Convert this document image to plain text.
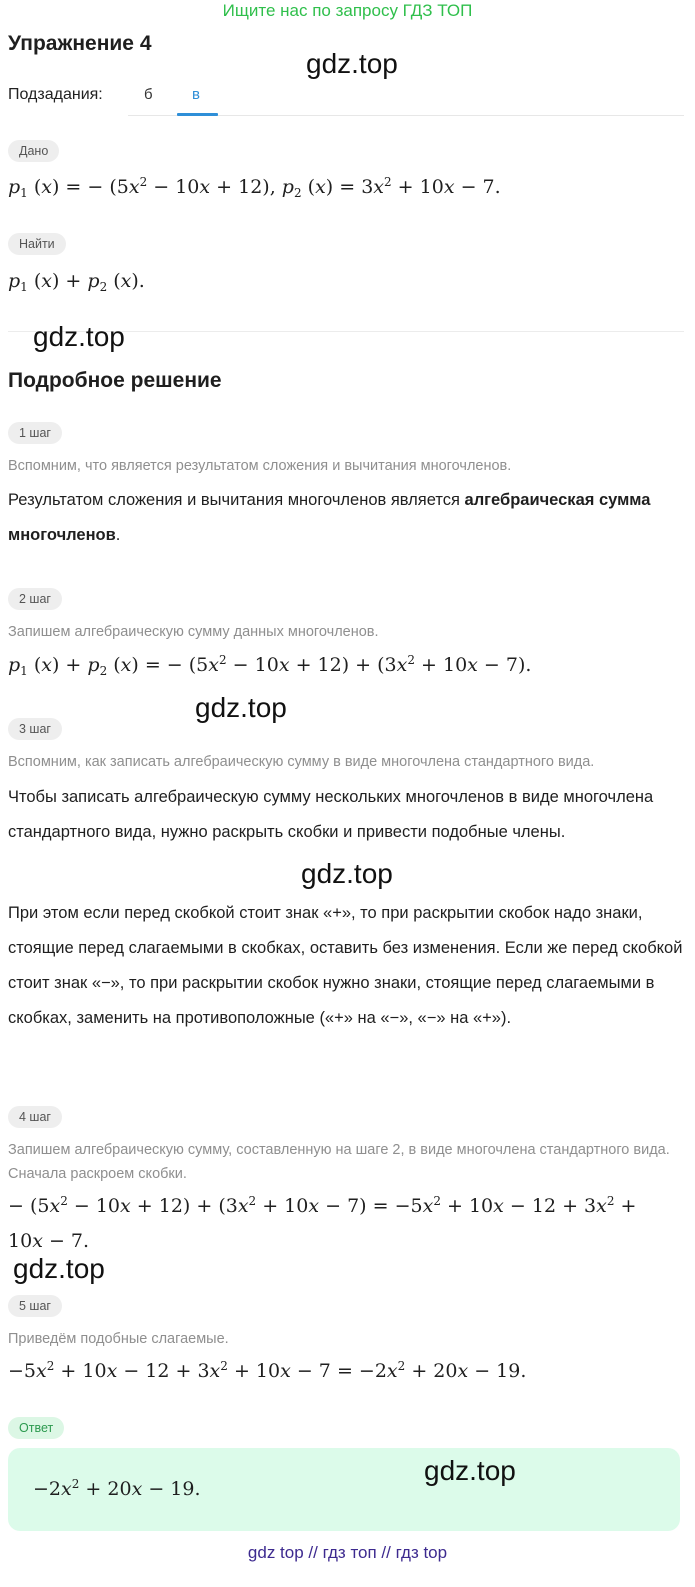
Ищите нас по запросу ГДЗ ТОП
Упражнение 4
gdz.top
Подзадания:	б	в
Дано
$p_1$ (x) = − $(5x^2 - 10x + 12)$, $p_2$ $(x) = 3x^2 + 10x - 7$.
Найти
$p_1$ $(x) + p_2$ (x).
gdz.top
Подробное решение
1 шаг
Вспомним, что является результатом сложения и вычитания многочленов.
Результатом сложения и вычитания многочленов является алгебраическая сумма многочленов.
2 шаг
Запишем алгебраическую сумму данных многочленов.
$p_1$ $(x) + p_2$ (x) = − $(5x^2 - 10x + 12) + (3x^2 + 10x - 7)$.
gdz.top
3 шаг
Вспомним, как записать алгебраическую сумму в виде многочлена стандартного вида.
Чтобы записать алгебраическую сумму нескольких многочленов в виде многочлена стандартного вида, нужно раскрыть скобки и привести подобные члены.
gdz.top
При этом если перед скобкой стоит знак «+», то при раскрытии скобок надо знаки, стоящие перед слагаемыми в скобках, оставить без изменения. Если же перед скобкой стоит знак «−», то при раскрытии скобок нужно знаки, стоящие перед слагаемыми в скобках, заменить на противоположные («+» на «−», «−» на «+»).
4 шаг
Запишем алгебраическую сумму, составленную на шаге 2, в виде многочлена стандартного вида. Сначала раскроем скобки.
− $(5x^2 - 10x + 12) + (3x^2 + 10x - 7) = -5x^2 + 10x - 12 + 3x^2$ +
10x − 7.
gdz.top
5 шаг
Приведём подобные слагаемые.
$-5x^2 + 10x - 12 + 3x^2 + 10x - 7 = -2x^2 + 20x - 19$.
Ответ
$-2x^2 + 20x - 19$.
gdz.top
gdz top // гдз топ // гдз top
